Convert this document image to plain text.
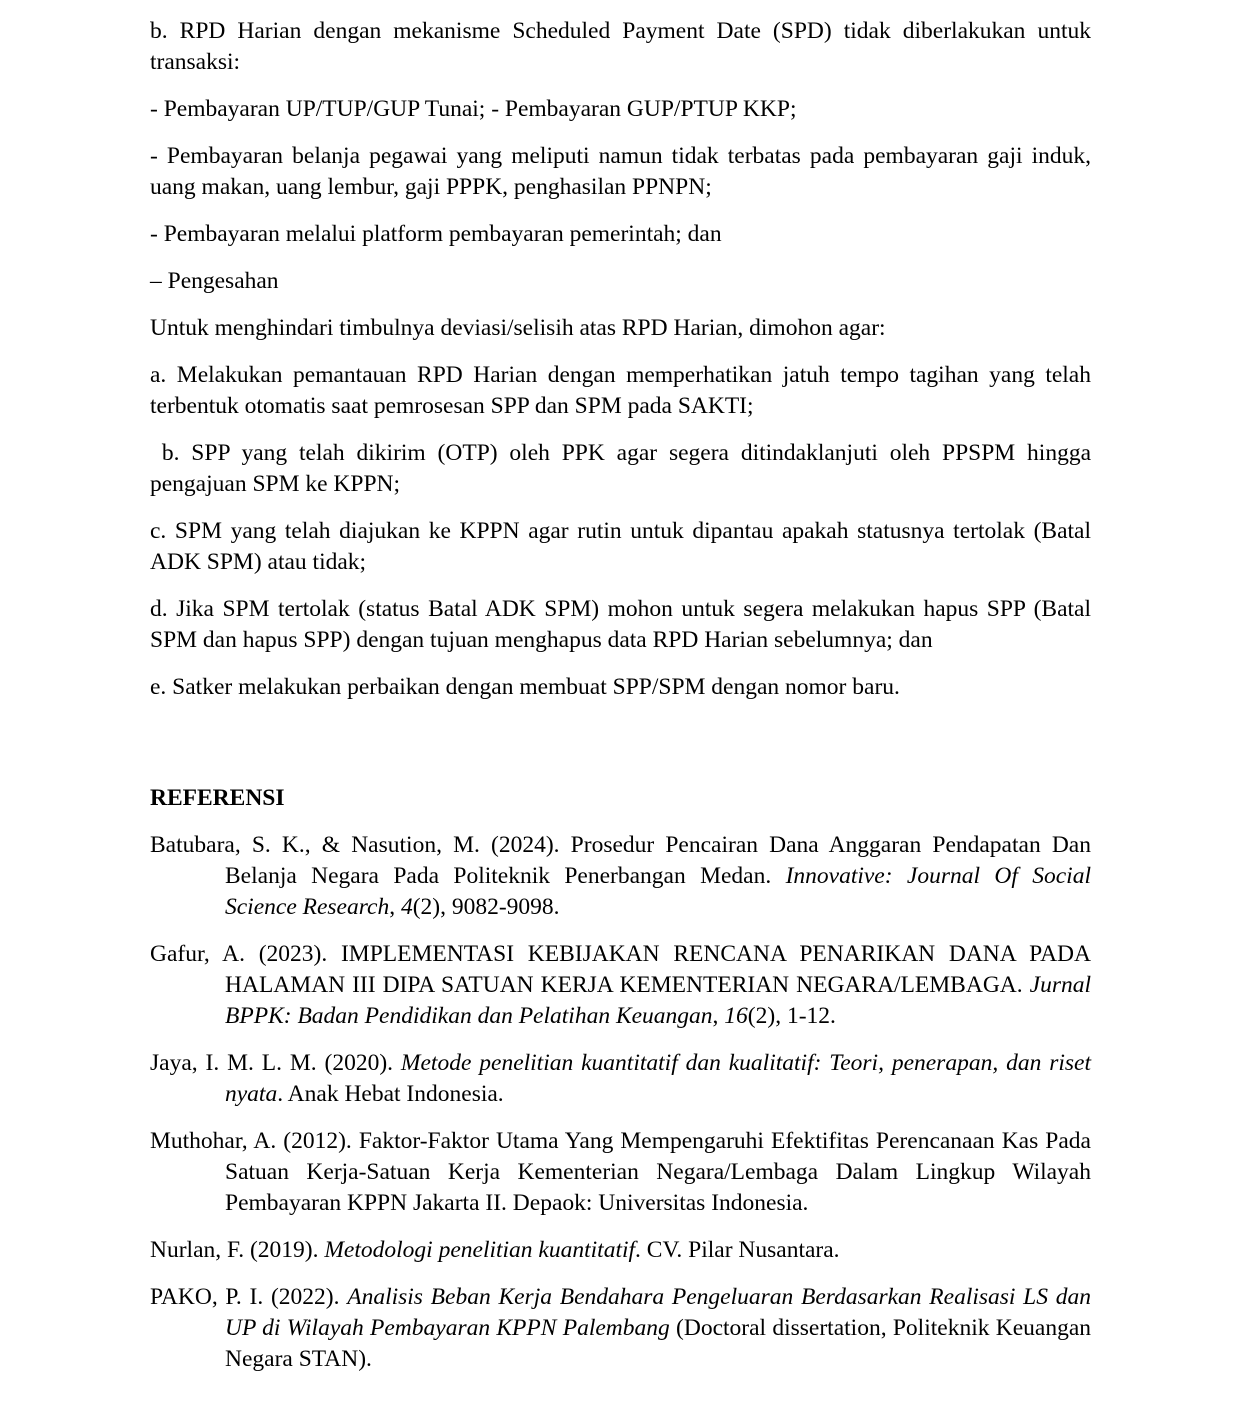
b. RPD Harian dengan mekanisme Scheduled Payment Date (SPD) tidak diberlakukan untuk transaksi:

- Pembayaran UP/TUP/GUP Tunai; - Pembayaran GUP/PTUP KKP;

- Pembayaran belanja pegawai yang meliputi namun tidak terbatas pada pembayaran gaji induk, uang makan, uang lembur, gaji PPPK, penghasilan PPNPN;

- Pembayaran melalui platform pembayaran pemerintah; dan

– Pengesahan

Untuk menghindari timbulnya deviasi/selisih atas RPD Harian, dimohon agar:

a. Melakukan pemantauan RPD Harian dengan memperhatikan jatuh tempo tagihan yang telah terbentuk otomatis saat pemrosesan SPP dan SPM pada SAKTI;

b. SPP yang telah dikirim (OTP) oleh PPK agar segera ditindaklanjuti oleh PPSPM hingga pengajuan SPM ke KPPN;

c. SPM yang telah diajukan ke KPPN agar rutin untuk dipantau apakah statusnya tertolak (Batal ADK SPM) atau tidak;

d. Jika SPM tertolak (status Batal ADK SPM) mohon untuk segera melakukan hapus SPP (Batal SPM dan hapus SPP) dengan tujuan menghapus data RPD Harian sebelumnya; dan

e. Satker melakukan perbaikan dengan membuat SPP/SPM dengan nomor baru.

REFERENSI

Batubara, S. K., & Nasution, M. (2024). Prosedur Pencairan Dana Anggaran Pendapatan Dan Belanja Negara Pada Politeknik Penerbangan Medan. Innovative: Journal Of Social Science Research, 4(2), 9082-9098.

Gafur, A. (2023). IMPLEMENTASI KEBIJAKAN RENCANA PENARIKAN DANA PADA HALAMAN III DIPA SATUAN KERJA KEMENTERIAN NEGARA/LEMBAGA. Jurnal BPPK: Badan Pendidikan dan Pelatihan Keuangan, 16(2), 1-12.

Jaya, I. M. L. M. (2020). Metode penelitian kuantitatif dan kualitatif: Teori, penerapan, dan riset nyata. Anak Hebat Indonesia.

Muthohar, A. (2012). Faktor-Faktor Utama Yang Mempengaruhi Efektifitas Perencanaan Kas Pada Satuan Kerja-Satuan Kerja Kementerian Negara/Lembaga Dalam Lingkup Wilayah Pembayaran KPPN Jakarta II. Depaok: Universitas Indonesia.

Nurlan, F. (2019). Metodologi penelitian kuantitatif. CV. Pilar Nusantara.

PAKO, P. I. (2022). Analisis Beban Kerja Bendahara Pengeluaran Berdasarkan Realisasi LS dan UP di Wilayah Pembayaran KPPN Palembang (Doctoral dissertation, Politeknik Keuangan Negara STAN).
